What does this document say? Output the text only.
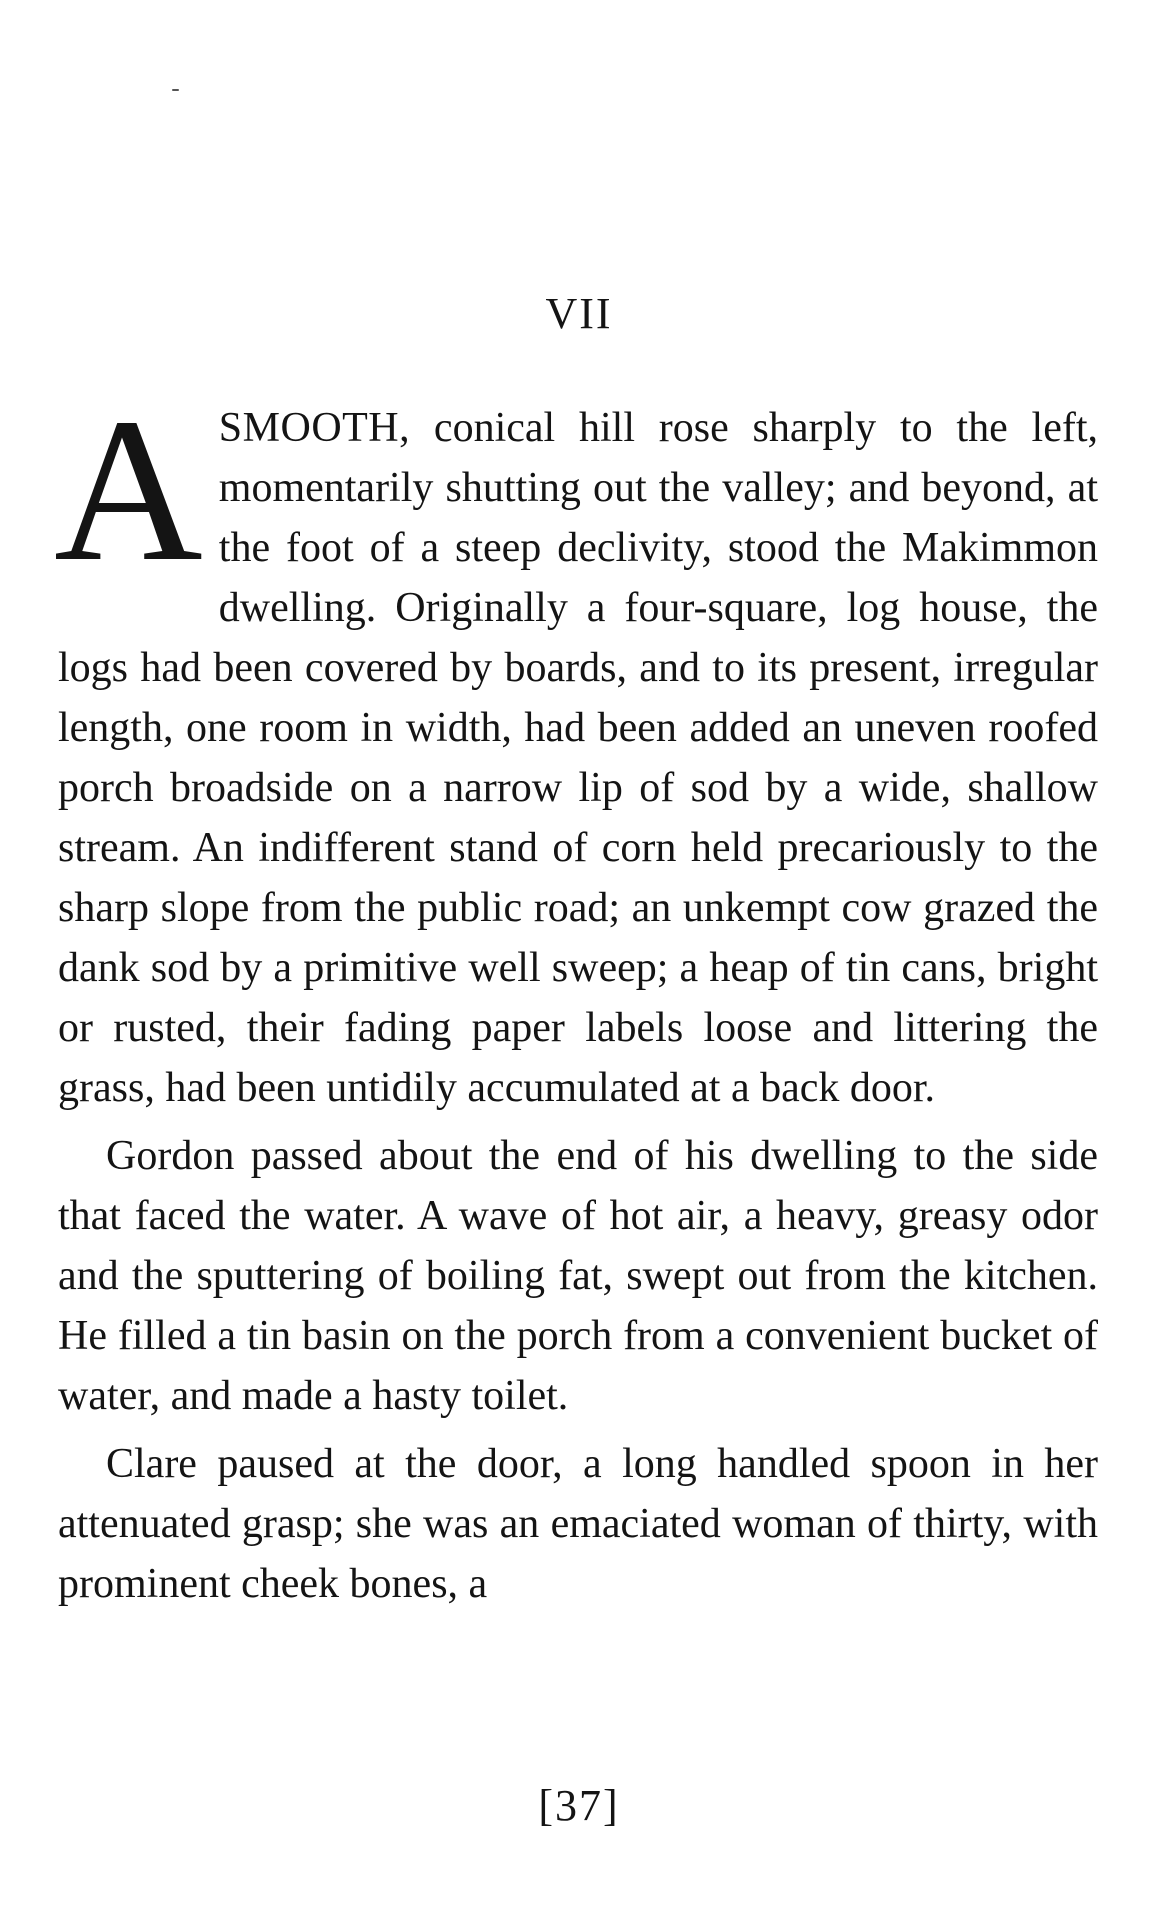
VII

ASMOOTH, conical hill rose sharply to the left, momentarily shutting out the valley; and beyond, at the foot of a steep declivity, stood the Makimmon dwelling. Originally a four-square, log house, the logs had been covered by boards, and to its present, irregular length, one room in width, had been added an uneven roofed porch broadside on a narrow lip of sod by a wide, shallow stream. An indifferent stand of corn held precariously to the sharp slope from the public road; an unkempt cow grazed the dank sod by a primitive well sweep; a heap of tin cans, bright or rusted, their fading paper labels loose and littering the grass, had been untidily accumulated at a back door.

Gordon passed about the end of his dwelling to the side that faced the water. A wave of hot air, a heavy, greasy odor and the sputtering of boiling fat, swept out from the kitchen. He filled a tin basin on the porch from a convenient bucket of water, and made a hasty toilet.

Clare paused at the door, a long handled spoon in her attenuated grasp; she was an emaciated woman of thirty, with prominent cheek bones, a

[37]
